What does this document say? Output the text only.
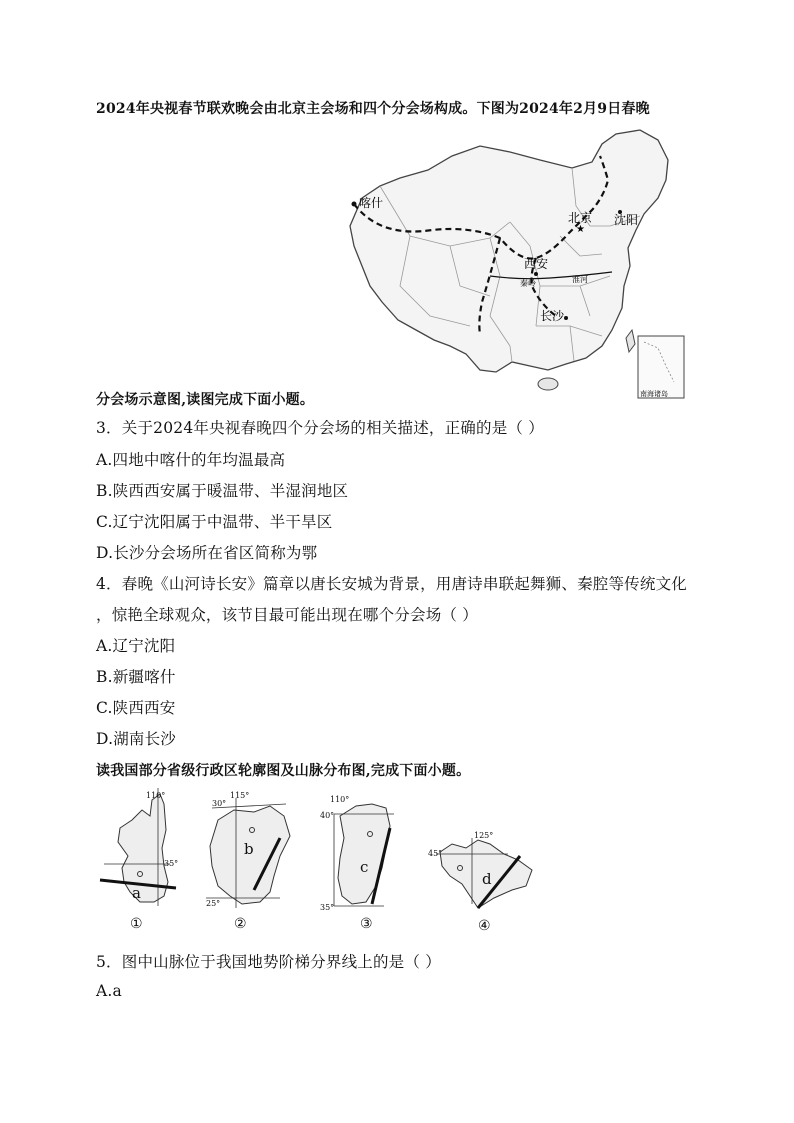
2024年央视春节联欢晚会由北京主会场和四个分会场构成。下图为2024年2月9日春晚
喀什
★
北京 沈阳
西安
秦岭	淮河
长沙
南海诸岛
分会场示意图,读图完成下面小题。
3．关于2024年央视春晚四个分会场的相关描述，正确的是（ ）
A.四地中喀什的年均温最高
B.陕西西安属于暖温带、半湿润地区
C.辽宁沈阳属于中温带、半干旱区
D.长沙分会场所在省区简称为鄂
4．春晚《山河诗长安》篇章以唐长安城为背景，用唐诗串联起舞狮、秦腔等传统文化
，惊艳全球观众，该节目最可能出现在哪个分会场（ ）
A.辽宁沈阳
B.新疆喀什
C.陕西西安
D.湖南长沙
读我国部分省级行政区轮廓图及山脉分布图,完成下面小题。
110°
35°
a
①
115°
30°
25°
b
②
110°
40°
35°
c
③
125°
45°
d
④
5．图中山脉位于我国地势阶梯分界线上的是（ ）
A.a
